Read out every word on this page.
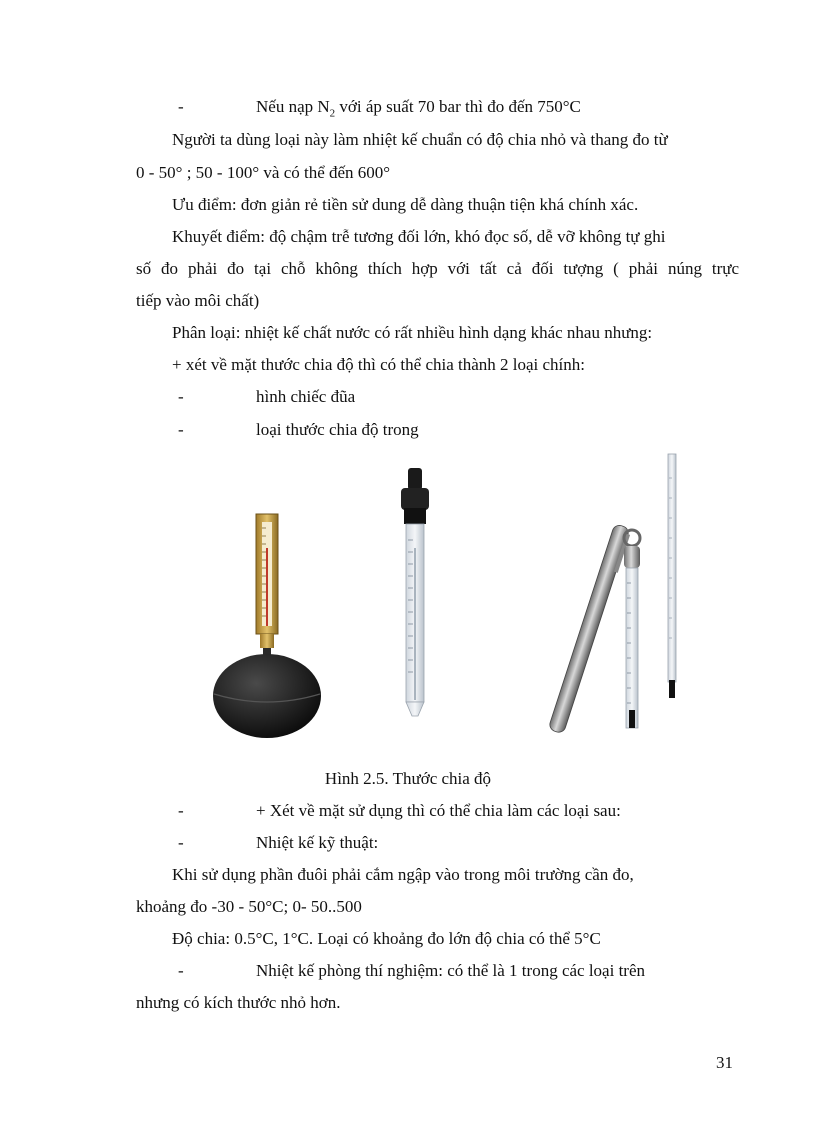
-	Nếu nạp $N_2$ với áp suất 70 bar thì đo đến 750°C
Người ta dùng loại này làm nhiệt kế chuẩn có độ chia nhỏ và thang đo từ
0 - 50° ; 50 - 100° và có thể đến 600°
Ưu điểm: đơn giản rẻ tiền sử dung dễ dàng thuận tiện khá chính xác.
Khuyết điểm: độ chậm trễ tương đối lớn, khó đọc số, dễ vỡ không tự ghi
số đo phải đo tại chỗ không thích hợp với tất cả đối tượng ( phải núng trực
tiếp vào môi chất)
Phân loại: nhiệt kế chất nước có rất nhiều hình dạng khác nhau nhưng:
+ xét về mặt thước chia độ thì có thể chia thành 2 loại chính:
-	hình chiếc đũa
-	loại thước chia độ trong
Hình 2.5. Thước chia độ
-	+ Xét về mặt sử dụng thì có thể chia làm các loại sau:
-	Nhiệt kế kỹ thuật:
Khi sử dụng phần đuôi phải cắm ngập vào trong môi trường cần đo,
khoảng đo -30 - 50°C; 0- 50..500
Độ chia: 0.5°C, 1°C. Loại có khoảng đo lớn độ chia có thể 5°C
-	Nhiệt kế phòng thí nghiệm: có thể là 1 trong các loại trên
nhưng có kích thước nhỏ hơn.
31
